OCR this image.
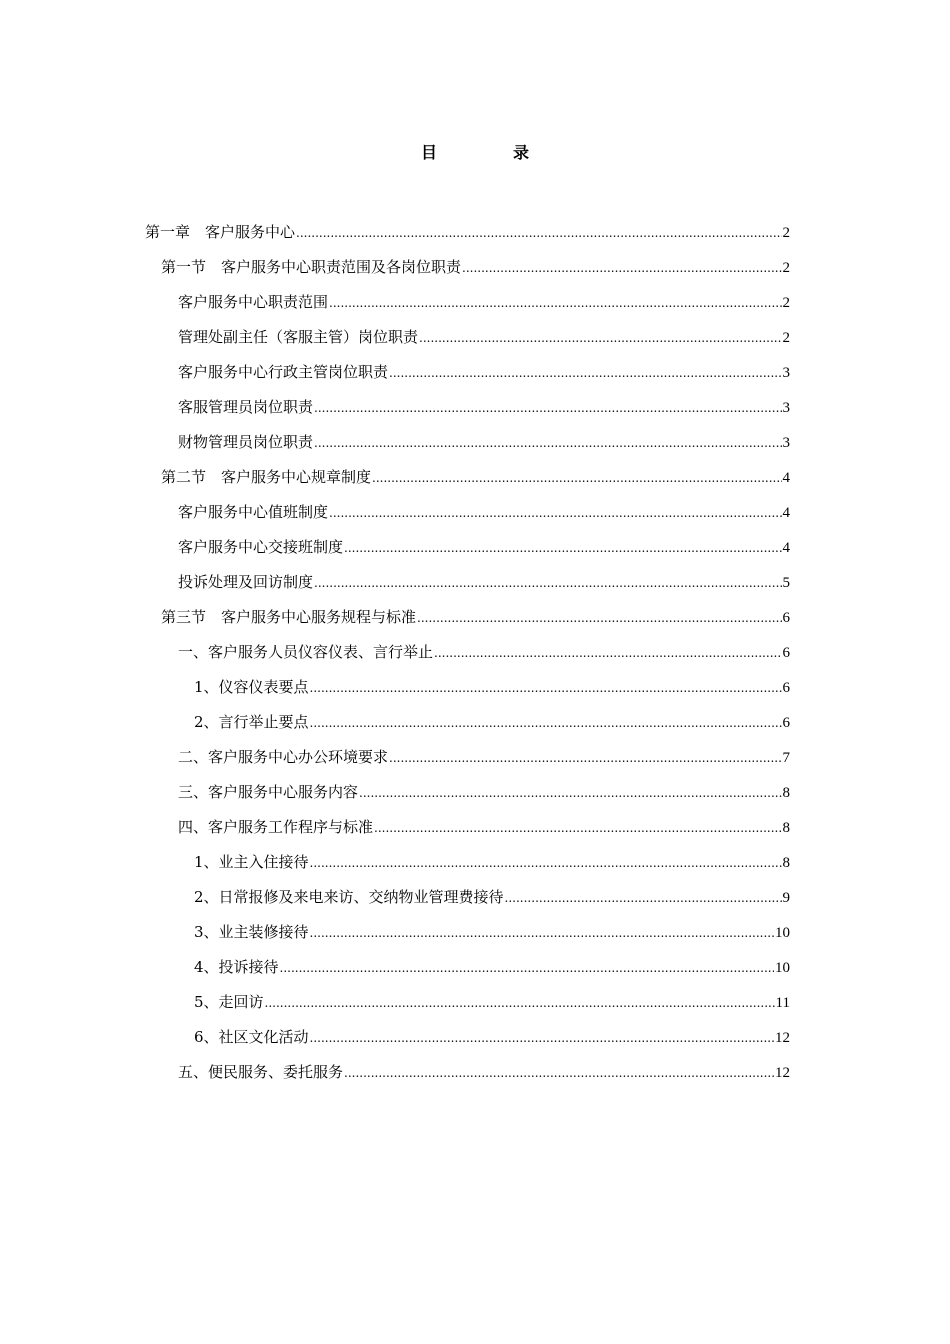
目　录
第一章　客户服务中心 .....	2
第一节　客户服务中心职责范围及各岗位职责 .....	2
客户服务中心职责范围 .....	2
管理处副主任（客服主管）岗位职责 .....	2
客户服务中心行政主管岗位职责 .....	3
客服管理员岗位职责 .....	3
财物管理员岗位职责 .....	3
第二节　客户服务中心规章制度 .....	4
客户服务中心值班制度 .....	4
客户服务中心交接班制度 .....	4
投诉处理及回访制度 .....	5
第三节　客户服务中心服务规程与标准 .....	6
一、客户服务人员仪容仪表、言行举止 .....	6
1、仪容仪表要点 .....	6
2、言行举止要点 .....	6
二、客户服务中心办公环境要求 .....	7
三、客户服务中心服务内容 .....	8
四、客户服务工作程序与标准 .....	8
1、业主入住接待 .....	8
2、日常报修及来电来访、交纳物业管理费接待 .....	9
3、业主装修接待 .....	10
4、投诉接待 .....	10
5、走回访 .....	11
6、社区文化活动 .....	12
五、便民服务、委托服务 .....	12
